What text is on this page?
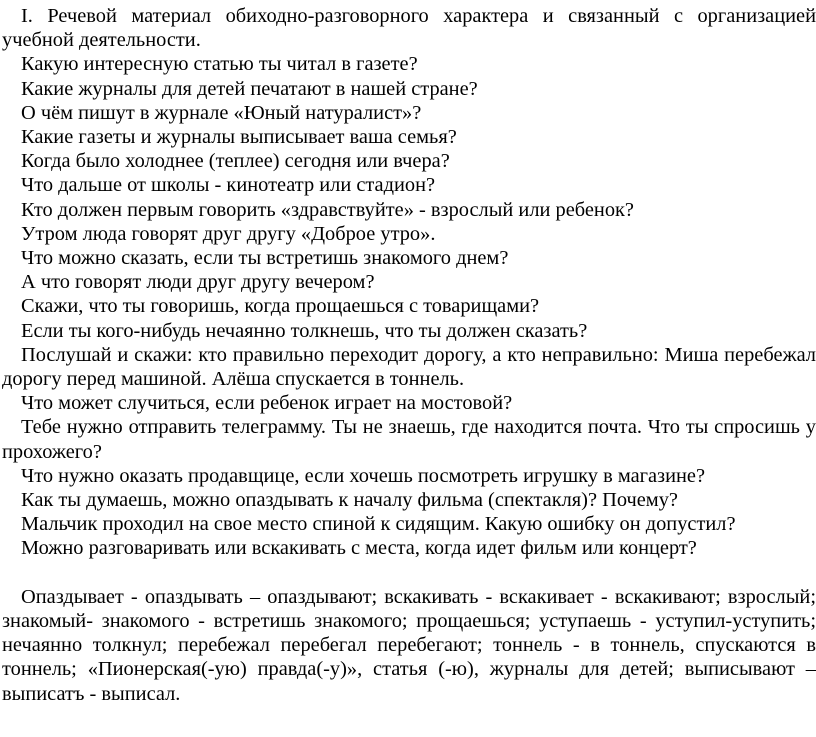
I. Речевой материал обиходно-разговорного характера и связанный с организацией учебной деятельности.

Какую интересную статью ты читал в газете?

Какие журналы для детей печатают в нашей стране?

О чём пишут в журнале «Юный натуралист»?

Какие газеты и журналы выписывает ваша семья?

Когда было холоднее (теплее) сегодня или вчера?

Что дальше от школы - кинотеатр или стадион?

Кто должен первым говорить «здравствуйте» - взрослый или ребенок?

Утром люда говорят друг другу «Доброе утро».

Что можно сказать, если ты встретишь знакомого днем?

А что говорят люди друг другу вечером?

Скажи, что ты говоришь, когда прощаешься с товарищами?

Если ты кого-нибудь нечаянно толкнешь, что ты должен сказать?

Послушай и скажи: кто правильно переходит дорогу, а кто неправильно: Миша перебежал дорогу перед машиной. Алёша спускается в тоннель.

Что может случиться, если ребенок играет на мостовой?

Тебе нужно отправить телеграмму. Ты не знаешь, где находится почта. Что ты спросишь у прохожего?

Что нужно оказать продавщице, если хочешь посмотреть игрушку в магазине?

Как ты думаешь, можно опаздывать к началу фильма (спектакля)? Почему?

Мальчик проходил на свое место спиной к сидящим. Какую ошибку он допустил?

Можно разговаривать или вскакивать с места, когда идет фильм или концерт?

Опаздывает - опаздывать – опаздывают; вскакивать - вскакивает - вскакивают; взрослый; знакомый- знакомого - встретишь знакомого; прощаешься; уступаешь - уступил-уступить; нечаянно толкнул; перебежал перебегал перебегают; тоннель - в тоннель, спускаются в тоннель; «Пионерская(-ую) правда(-у)», статья (-ю), журналы для детей; выписывают – выписатъ - выписал.
